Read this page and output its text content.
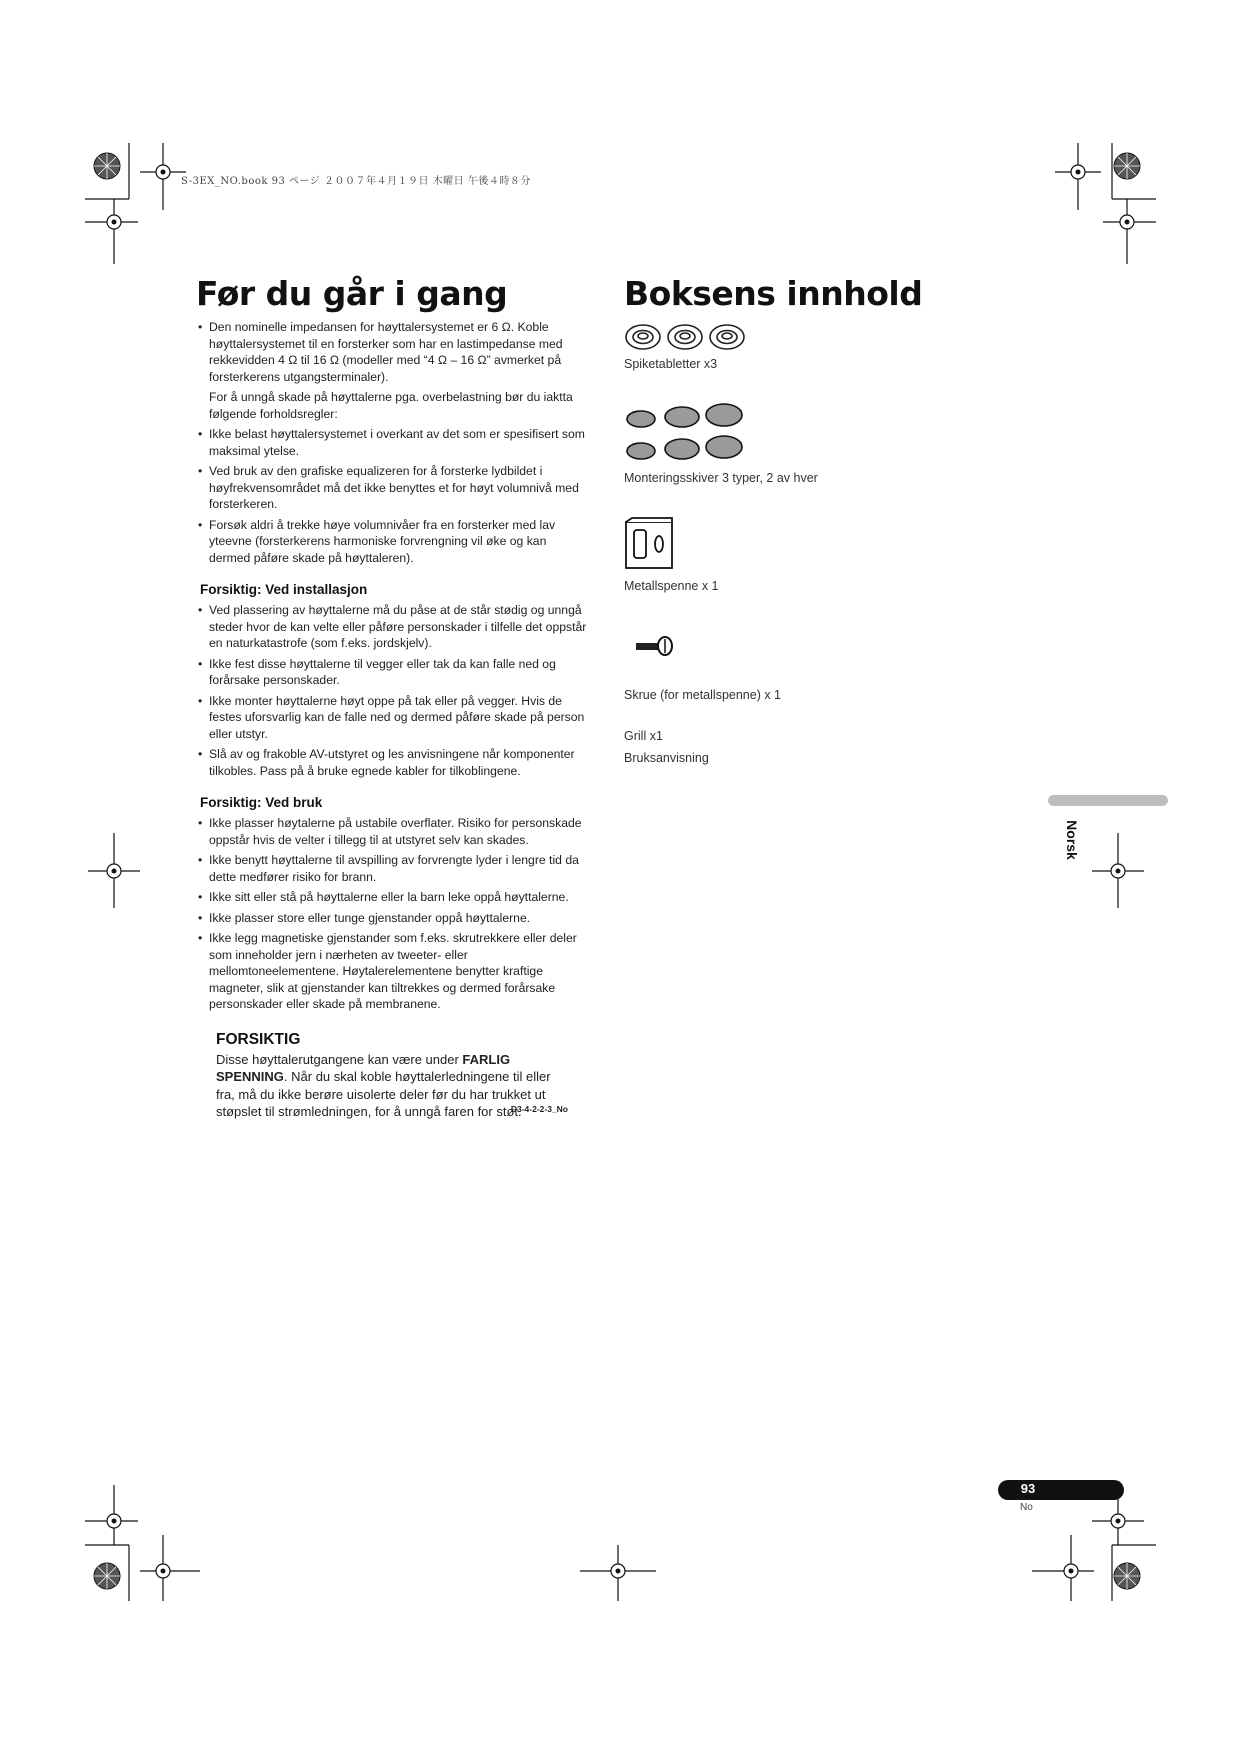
S-3EX_NO.book 93 ページ ２００７年４月１９日 木曜日 午後４時８分
Før du går i gang
• Den nominelle impedansen for høyttalersystemet er 6 Ω. Koble høyttalersystemet til en forsterker som har en lastimpedanse med rekkevidden 4 Ω til 16 Ω (modeller med “4 Ω – 16 Ω” avmerket på forsterkerens utgangsterminaler).
For å unngå skade på høyttalerne pga. overbelastning bør du iaktta følgende forholdsregler:
• Ikke belast høyttalersystemet i overkant av det som er spesifisert som maksimal ytelse.
• Ved bruk av den grafiske equalizeren for å forsterke lydbildet i høyfrekvensområdet må det ikke benyttes et for høyt volumnivå med forsterkeren.
• Forsøk aldri å trekke høye volumnivåer fra en forsterker med lav yteevne (forsterkerens harmoniske forvrengning vil øke og kan dermed påføre skade på høyttaleren).
Forsiktig: Ved installasjon
• Ved plassering av høyttalerne må du påse at de står stødig og unngå steder hvor de kan velte eller påføre personskader i tilfelle det oppstår en naturkatastrofe (som f.eks. jordskjelv).
• Ikke fest disse høyttalerne til vegger eller tak da kan falle ned og forårsake personskader.
• Ikke monter høyttalerne høyt oppe på tak eller på vegger. Hvis de festes uforsvarlig kan de falle ned og dermed påføre skade på person eller utstyr.
• Slå av og frakoble AV-utstyret og les anvisningene når komponenter tilkobles. Pass på å bruke egnede kabler for tilkoblingene.
Forsiktig: Ved bruk
• Ikke plasser høytalerne på ustabile overflater. Risiko for personskade oppstår hvis de velter i tillegg til at utstyret selv kan skades.
• Ikke benytt høyttalerne til avspilling av forvrengte lyder i lengre tid da dette medfører risiko for brann.
• Ikke sitt eller stå på høyttalerne eller la barn leke oppå høyttalerne.
• Ikke plasser store eller tunge gjenstander oppå høyttalerne.
• Ikke legg magnetiske gjenstander som f.eks. skrutrekkere eller deler som inneholder jern i nærheten av tweeter- eller mellomtoneelementene. Høytalerelementene benytter kraftige magneter, slik at gjenstander kan tiltrekkes og dermed forårsake personskader eller skade på membranene.
FORSIKTIG
Disse høyttalerutgangene kan være under FARLIG SPENNING. Når du skal koble høyttalerledningene til eller fra, må du ikke berøre uisolerte deler før du har trukket ut støpslet til strømledningen, for å unngå faren for støt.
D3-4-2-2-3_No
Boksens innhold
Spiketabletter x3
Monteringsskiver 3 typer, 2 av hver
Metallspenne x 1
Skrue (for metallspenne) x 1
Grill x1
Bruksanvisning
Norsk
93
No
